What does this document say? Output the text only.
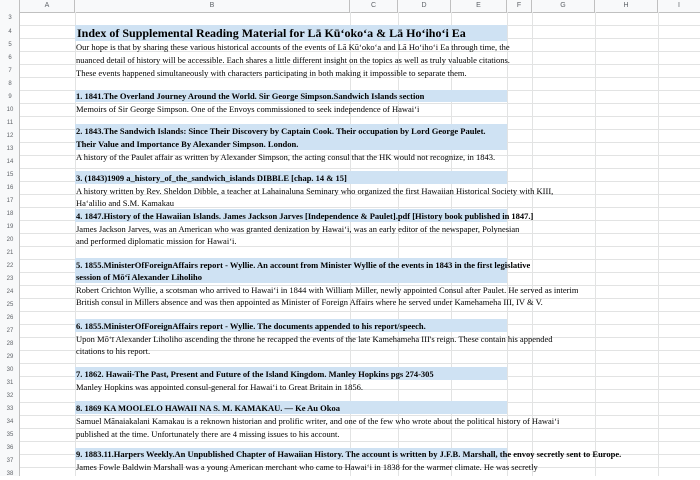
A	B	C	D	E	F	G	H	I
3
4
5
6
7
8
9
10
11
12
13
14
15
16
17
18
19
20
21
22
23
24
25
26
27
28
29
30
31
32
33
34
35
36
37
38
Index of Supplemental Reading Material for Lā Kūʻokoʻa & Lā Hoʻihoʻi Ea
Our hope is that by sharing these various historical accounts of the events of Lā Kūʻokoʻa and Lā Hoʻihoʻi Ea through time, the
nuanced detail of history will be accessible. Each shares a little different insight on the topics as well as truly valuable citations.
These events happened simultaneously with characters participating in both making it impossible to separate them.
1. 1841.The Overland Journey Around the World. Sir George Simpson.Sandwich Islands section
Memoirs of Sir George Simpson. One of the Envoys commissioned to seek independence of Hawaiʻi
2. 1843.The Sandwich Islands: Since Their Discovery by Captain Cook. Their occupation by Lord George Paulet.
Their Value and Importance By Alexander Simpson. London.
A history of the Paulet affair as written by Alexander Simpson, the acting consul that the HK would not recognize, in 1843.
3. (1843)1909 a_history_of_the_sandwich_islands DIBBLE [chap. 14 & 15]
A history written by Rev. Sheldon Dibble, a teacher at Lahainaluna Seminary who organized the first Hawaiian Historical Society with KIII,
Haʻalilio and S.M. Kamakau
4. 1847.History of the Hawaiian Islands. James Jackson Jarves [Independence & Paulet].pdf [History book published in 1847.]
James Jackson Jarves, was an American who was granted denization by Hawaiʻi, was an early editor of the newspaper, Polynesian
and performed diplomatic mission for Hawaiʻi.
5. 1855.MinisterOfForeignAffairs report - Wyllie. An account from Minister Wyllie of the events in 1843 in the first legislative
session of Mōʻī Alexander Liholiho
Robert Crichton Wyllie, a scotsman who arrived to Hawaiʻi in 1844 with William Miller, newly appointed Consul after Paulet. He served as interim
British consul in Millers absence and was then appointed as Minister of Foreign Affairs where he served under Kamehameha III, IV & V.
6. 1855.MinisterOfForeignAffairs report - Wyllie. The documents appended to his report/speech.
Upon Mōʻī Alexander Liholiho ascending the throne he recapped the events of the late Kamehameha III's reign. These contain his appended
citations to his report.
7. 1862. Hawaii-The Past, Present and Future of the Island Kingdom. Manley Hopkins pgs 274-305
Manley Hopkins was appointed consul-general for Hawaiʻi to Great Britain in 1856.
8. 1869 KA MOOLELO HAWAII NA S. M. KAMAKAU. — Ke Au Okoa
Samuel Mānaiakalani Kamakau is a reknown historian and prolific writer, and one of the few who wrote about the political history of Hawaiʻi
published at the time. Unfortunately there are 4 missing issues to his account.
9. 1883.11.Harpers Weekly.An Unpublished Chapter of Hawaiian History. The account is written by J.F.B. Marshall, the envoy secretly sent to Europe.
James Fowle Baldwin Marshall was a young American merchant who came to Hawaiʻi in 1838 for the warmer climate. He was secretly
